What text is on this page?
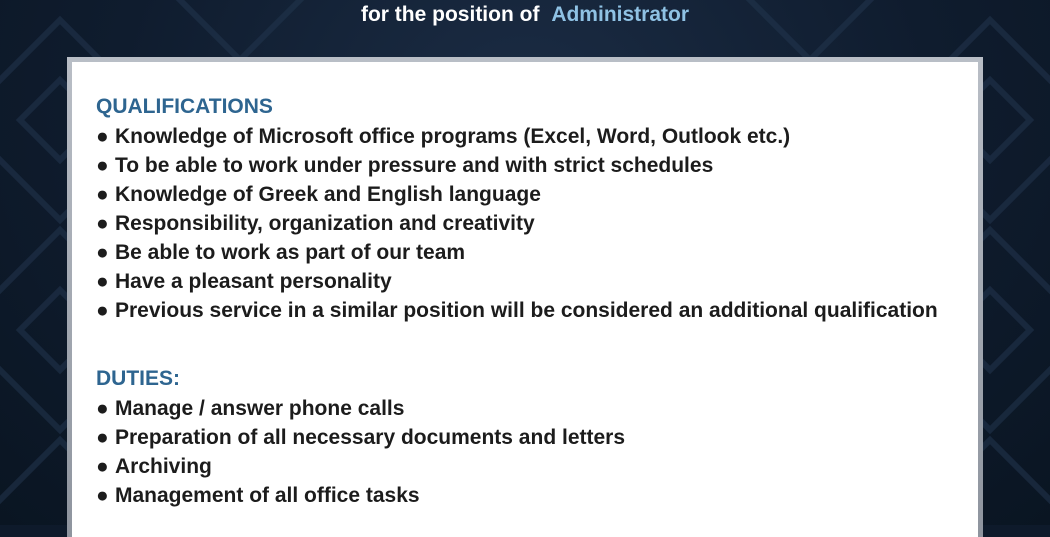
for the position of Administrator
QUALIFICATIONS
● Knowledge of Microsoft office programs (Excel, Word, Outlook etc.)
● To be able to work under pressure and with strict schedules
● Knowledge of Greek and English language
● Responsibility, organization and creativity
● Be able to work as part of our team
● Have a pleasant personality
● Previous service in a similar position will be considered an additional qualification
DUTIES:
● Manage / answer phone calls
● Preparation of all necessary documents and letters
● Archiving
● Management of all office tasks
